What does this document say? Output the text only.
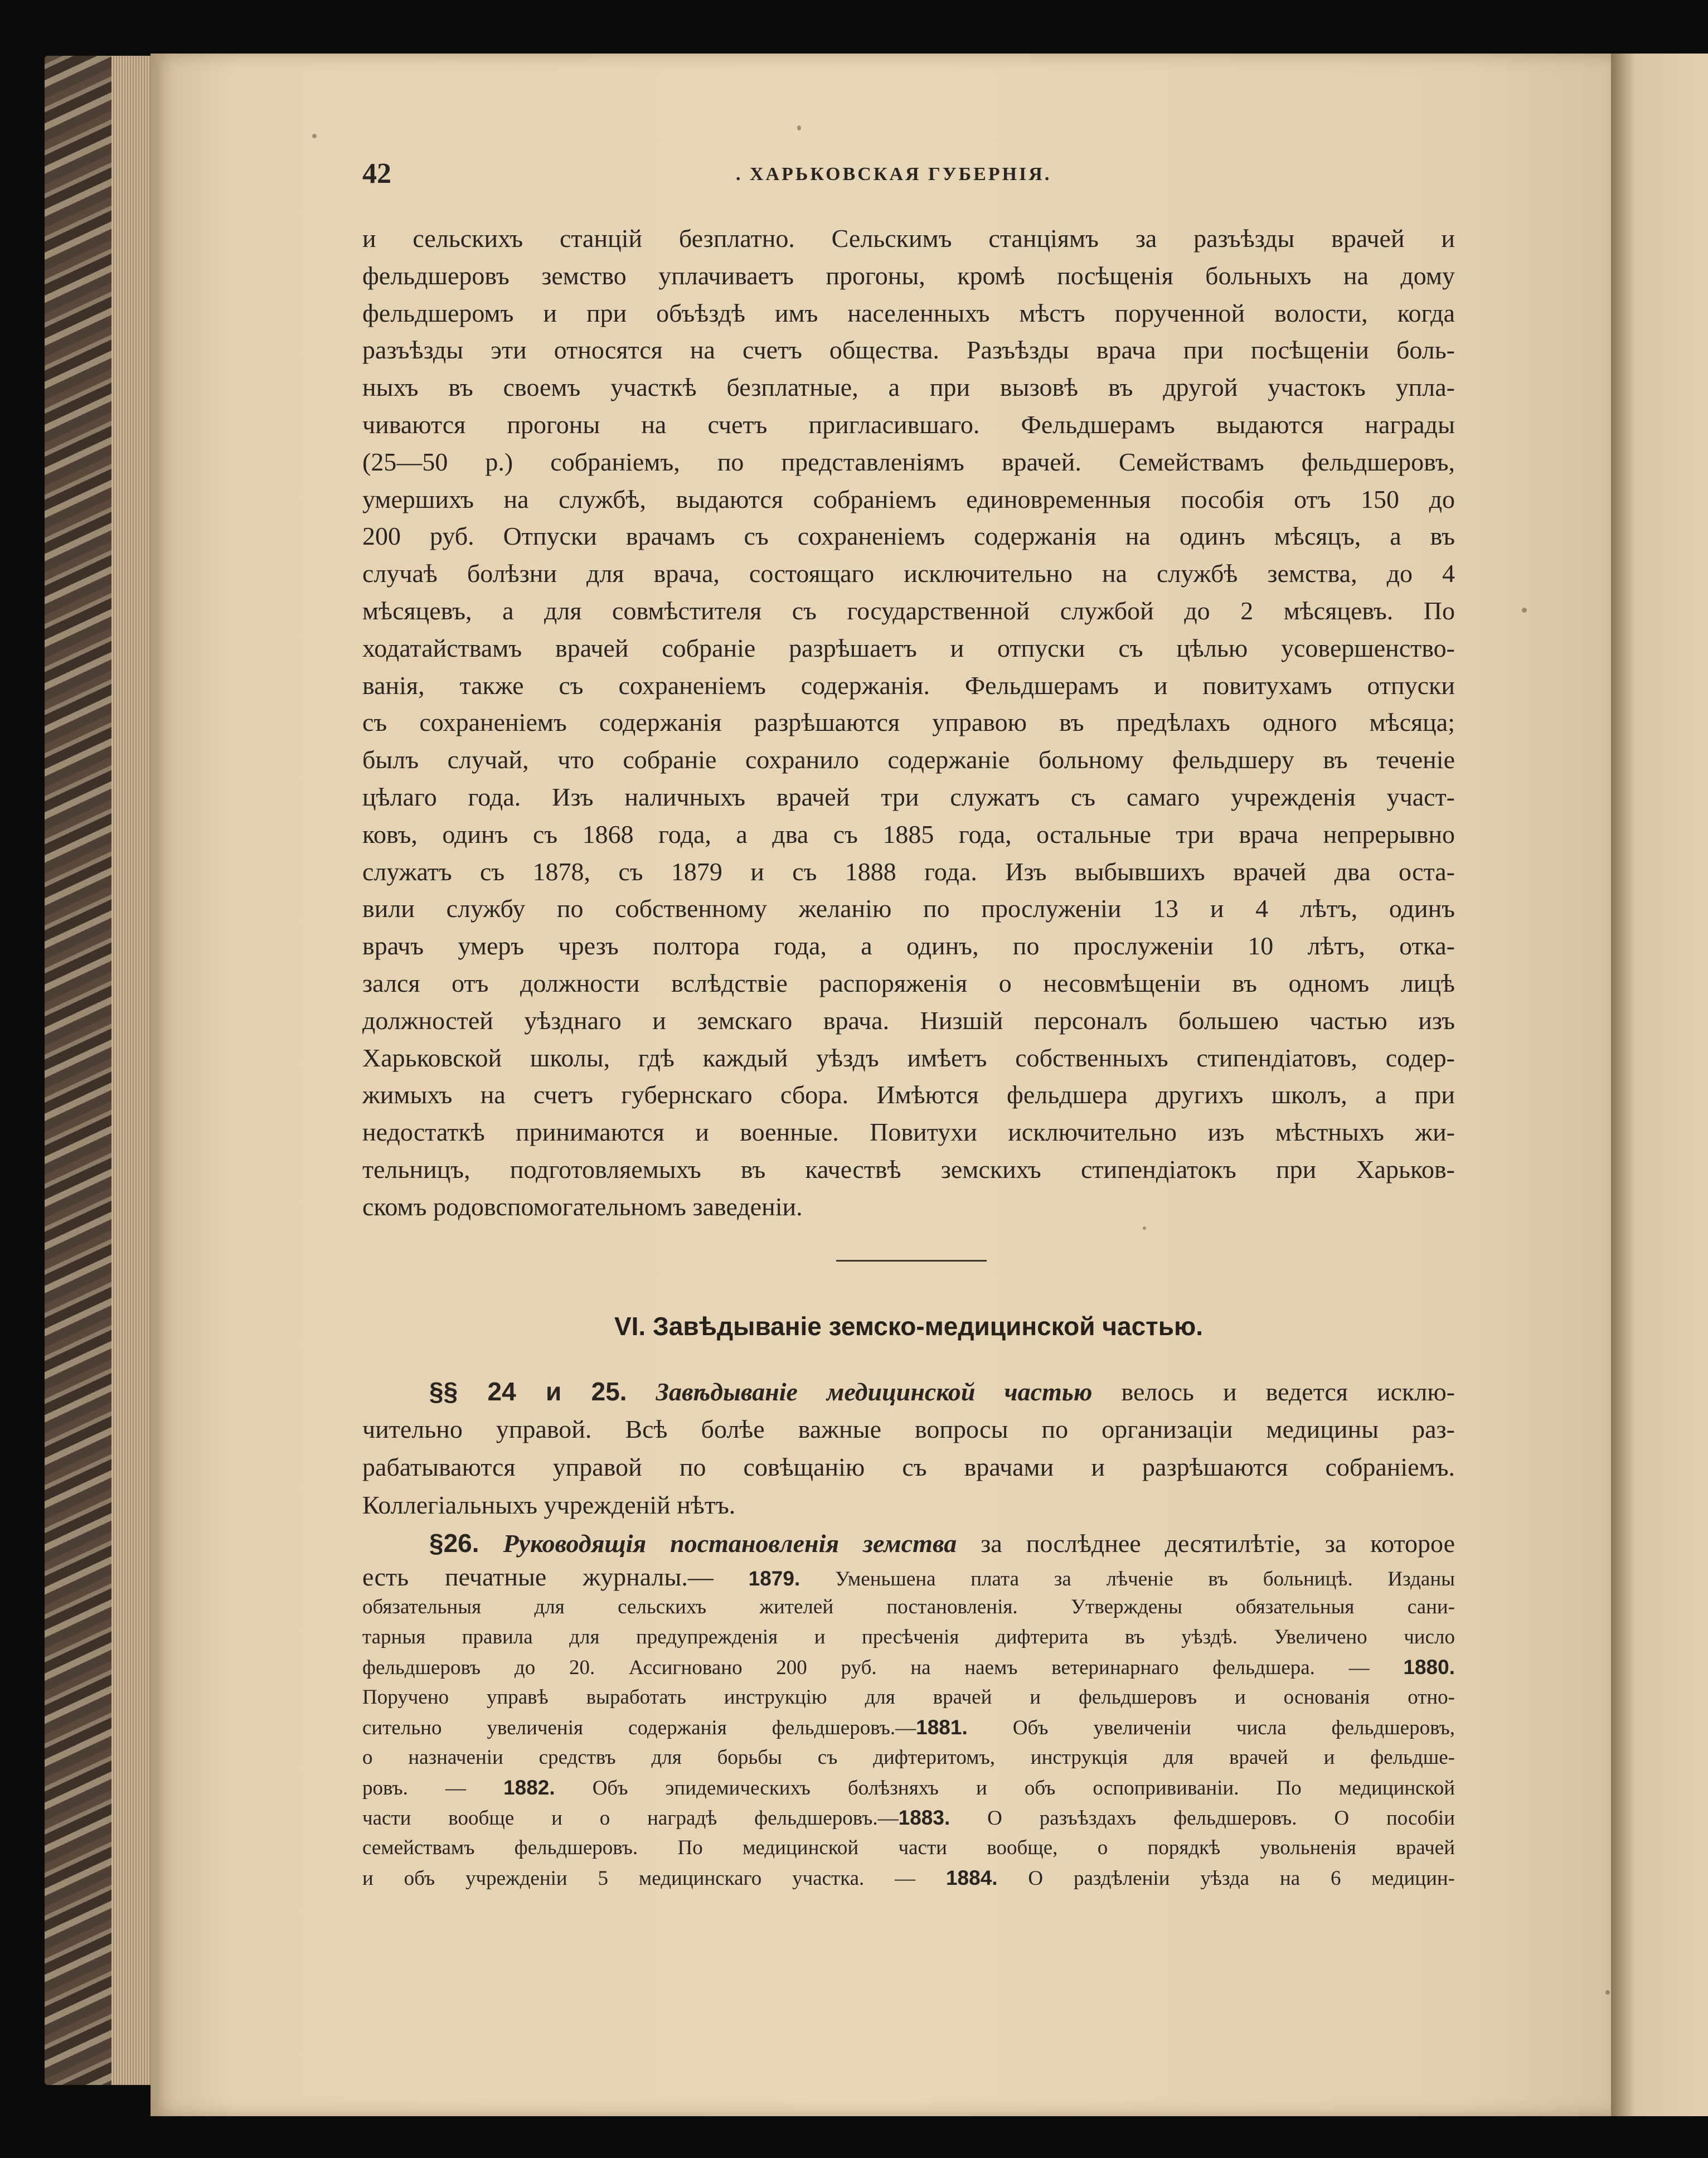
42	. ХАРЬКОВСКАЯ ГУБЕРНІЯ.
и сельскихъ станцій безплатно. Сельскимъ станціямъ за разъѣзды врачей и
фельдшеровъ земство уплачиваетъ прогоны, кромѣ посѣщенія больныхъ на дому
фельдшеромъ и при объѣздѣ имъ населенныхъ мѣстъ порученной волости, когда
разъѣзды эти относятся на счетъ общества. Разъѣзды врача при посѣщеніи боль-
ныхъ въ своемъ участкѣ безплатные, а при вызовѣ въ другой участокъ упла-
чиваются прогоны на счетъ пригласившаго. Фельдшерамъ выдаются награды
(25—50 р.) собраніемъ, по представленіямъ врачей. Семействамъ фельдшеровъ,
умершихъ на службѣ, выдаются собраніемъ единовременныя пособія отъ 150 до
200 руб. Отпуски врачамъ съ сохраненіемъ содержанія на одинъ мѣсяцъ, а въ
случаѣ болѣзни для врача, состоящаго исключительно на службѣ земства, до 4
мѣсяцевъ, а для совмѣстителя съ государственной службой до 2 мѣсяцевъ. По
ходатайствамъ врачей собраніе разрѣшаетъ и отпуски съ цѣлью усовершенство-
ванія, также съ сохраненіемъ содержанія. Фельдшерамъ и повитухамъ отпуски
съ сохраненіемъ содержанія разрѣшаются управою въ предѣлахъ одного мѣсяца;
былъ случай, что собраніе сохранило содержаніе больному фельдшеру въ теченіе
цѣлаго года. Изъ наличныхъ врачей три служатъ съ самаго учрежденія участ-
ковъ, одинъ съ 1868 года, а два съ 1885 года, остальные три врача непрерывно
служатъ съ 1878, съ 1879 и съ 1888 года. Изъ выбывшихъ врачей два оста-
вили службу по собственному желанію по прослуженіи 13 и 4 лѣтъ, одинъ
врачъ умеръ чрезъ полтора года, а одинъ, по прослуженіи 10 лѣтъ, отка-
зался отъ должности вслѣдствіе распоряженія о несовмѣщеніи въ одномъ лицѣ
должностей уѣзднаго и земскаго врача. Низшій персоналъ большею частью изъ
Харьковской школы, гдѣ каждый уѣздъ имѣетъ собственныхъ стипендіатовъ, содер-
жимыхъ на счетъ губернскаго сбора. Имѣются фельдшера другихъ школъ, а при
недостаткѣ принимаются и военные. Повитухи исключительно изъ мѣстныхъ жи-
тельницъ, подготовляемыхъ въ качествѣ земскихъ стипендіатокъ при Харьков-
скомъ родовспомогательномъ заведеніи.
VI. Завѣдываніе земско-медицинской частью.
§§ 24 и 25. Завѣдываніе медицинской частью велось и ведется исклю-
чительно управой. Всѣ болѣе важные вопросы по организаціи медицины раз-
рабатываются управой по совѣщанію съ врачами и разрѣшаются собраніемъ.
Коллегіальныхъ учрежденій нѣтъ.
§26. Руководящія постановленія земства за послѣднее десятилѣтіе, за которое
есть печатные журналы.— 1879. Уменьшена плата за лѣченіе въ больницѣ. Изданы
обязательныя для сельскихъ жителей постановленія. Утверждены обязательныя сани-
тарныя правила для предупрежденія и пресѣченія дифтерита въ уѣздѣ. Увеличено число
фельдшеровъ до 20. Ассигновано 200 руб. на наемъ ветеринарнаго фельдшера. — 1880.
Поручено управѣ выработать инструкцію для врачей и фельдшеровъ и основанія отно-
сительно увеличенія содержанія фельдшеровъ.—1881. Объ увеличеніи числа фельдшеровъ,
о назначеніи средствъ для борьбы съ дифтеритомъ, инструкція для врачей и фельдше-
ровъ. — 1882. Объ эпидемическихъ болѣзняхъ и объ оспопрививаніи. По медицинской
части вообще и о наградѣ фельдшеровъ.—1883. О разъѣздахъ фельдшеровъ. О пособіи
семействамъ фельдшеровъ. По медицинской части вообще, о порядкѣ увольненія врачей
и объ учрежденіи 5 медицинскаго участка. — 1884. О раздѣленіи уѣзда на 6 медицин-
